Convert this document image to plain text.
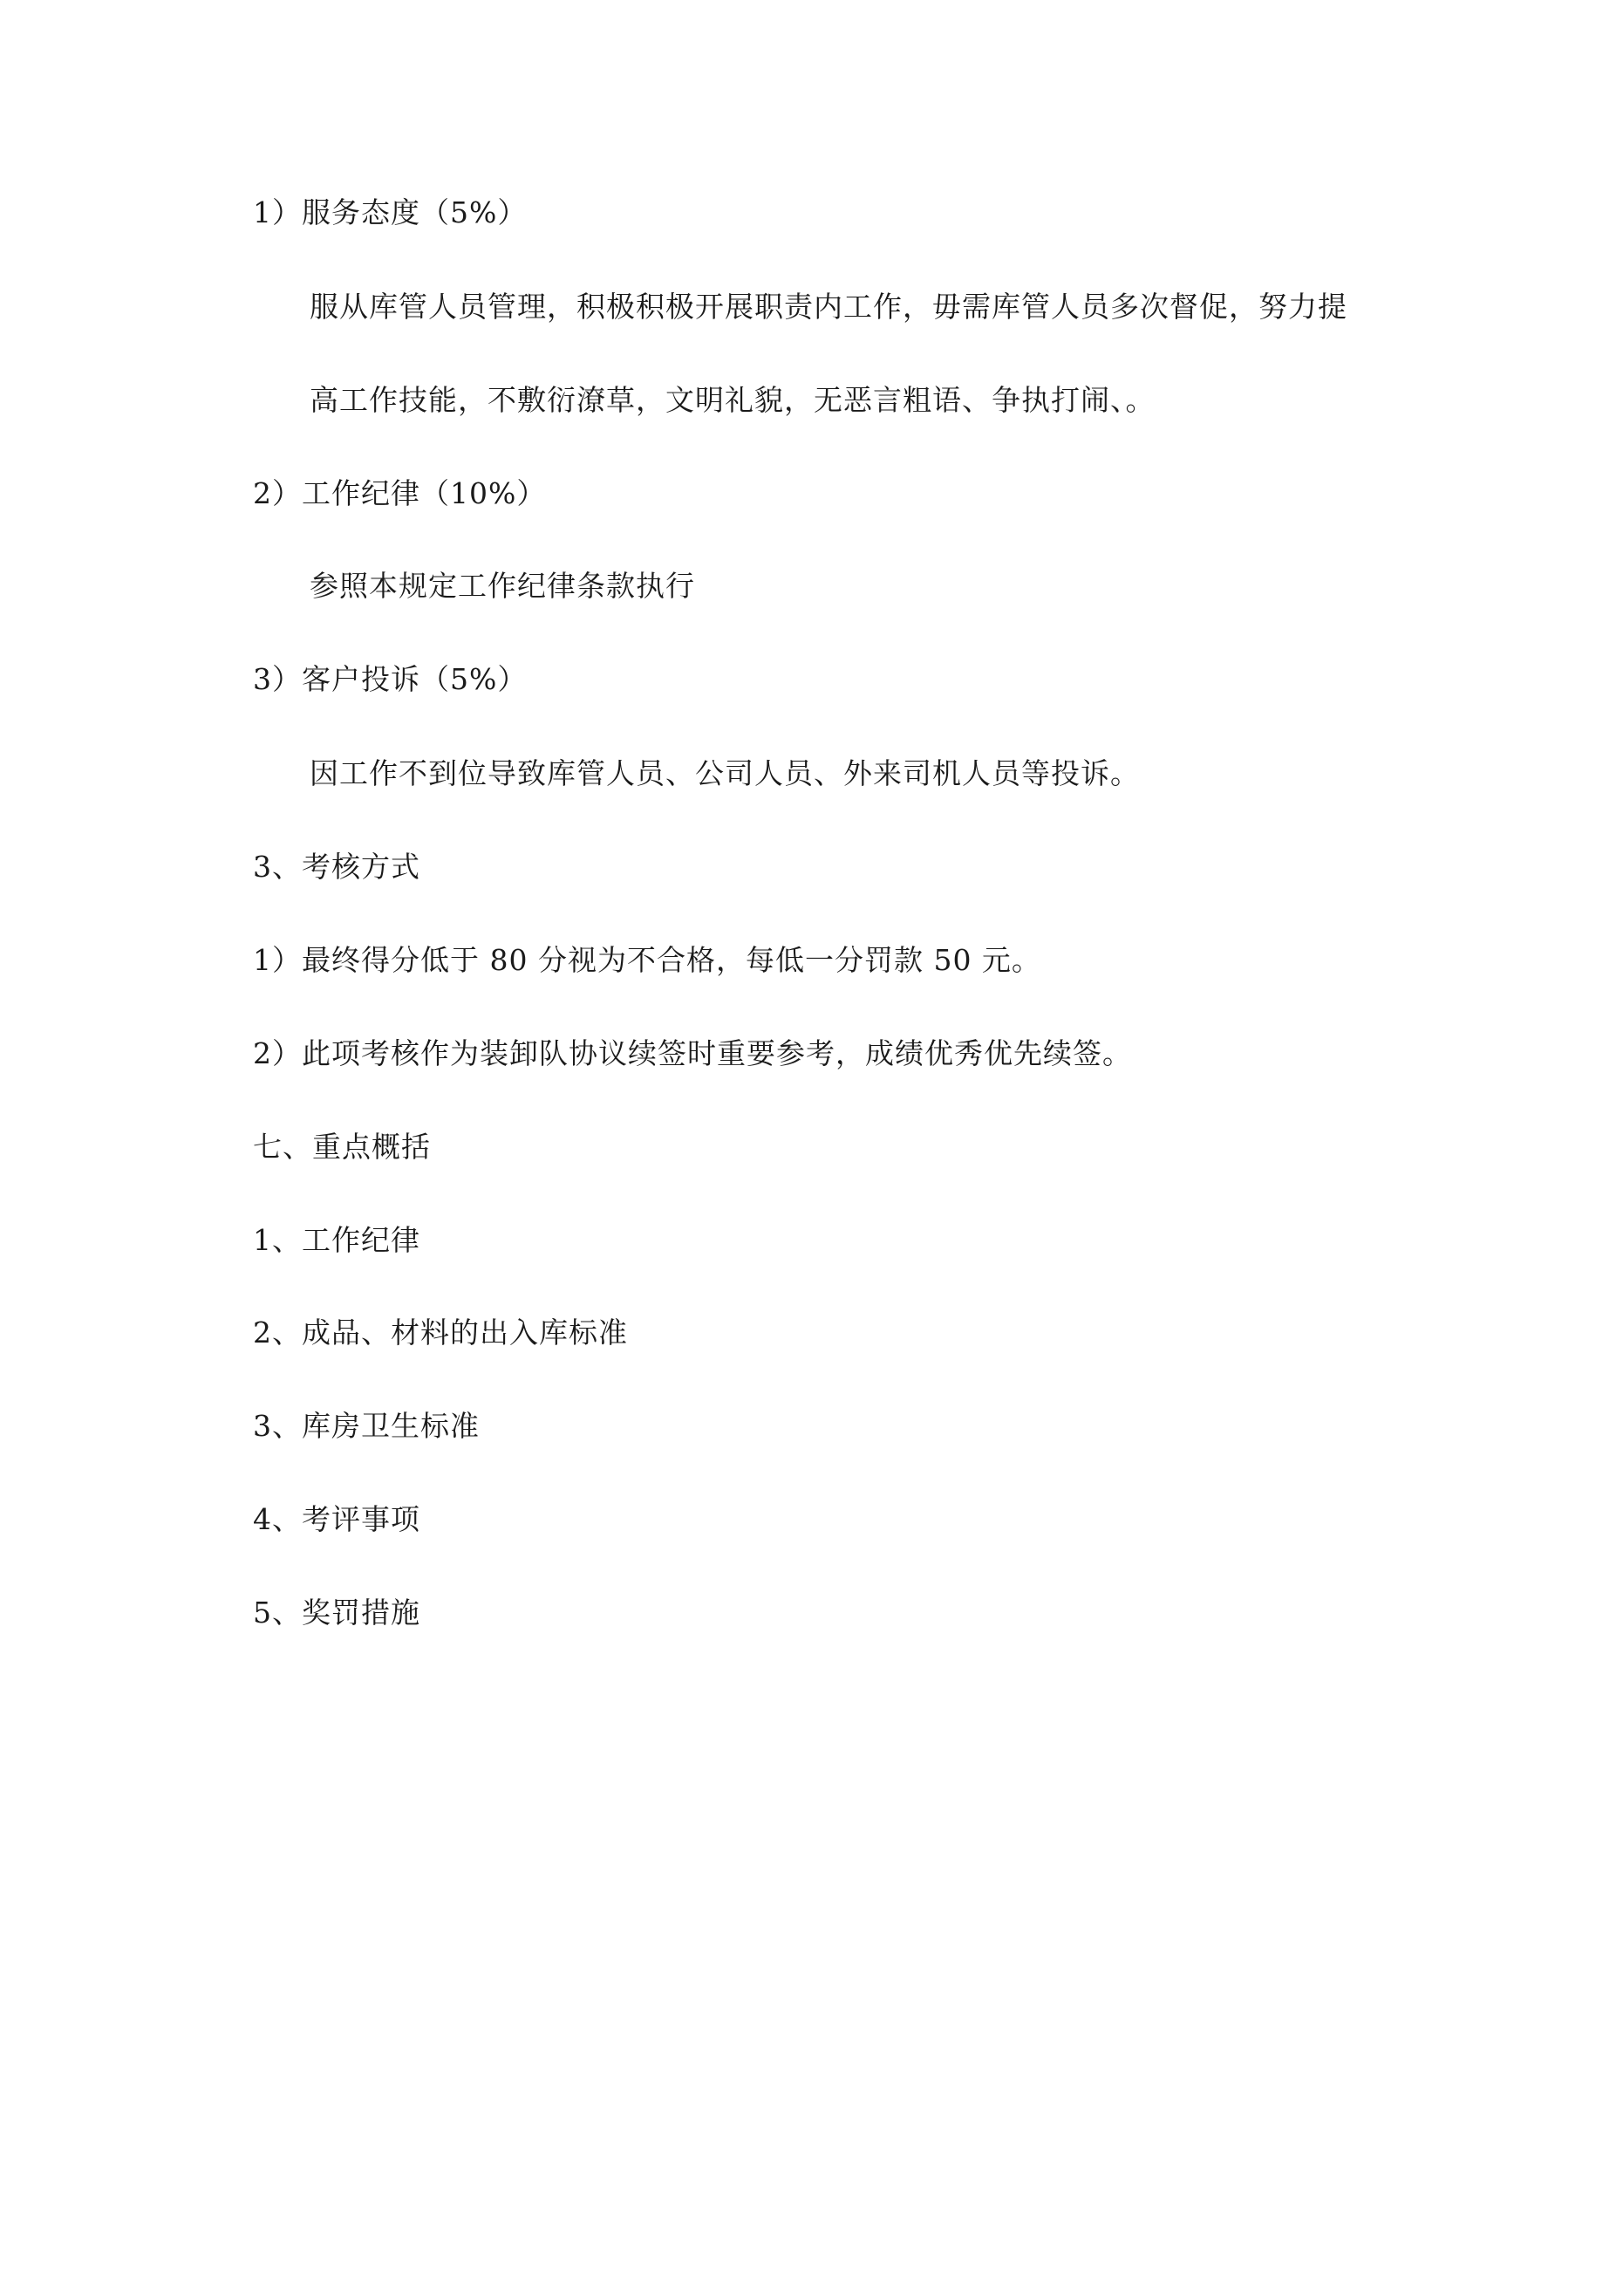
1）服务态度（5%）
服从库管人员管理，积极积极开展职责内工作，毋需库管人员多次督促，努力提
高工作技能，不敷衍潦草，文明礼貌，无恶言粗语、争执打闹、。
2）工作纪律（10%）
参照本规定工作纪律条款执行
3）客户投诉（5%）
因工作不到位导致库管人员、公司人员、外来司机人员等投诉。
3、考核方式
1）最终得分低于 80 分视为不合格，每低一分罚款 50 元。
2）此项考核作为装卸队协议续签时重要参考，成绩优秀优先续签。
七、重点概括
1、工作纪律
2、成品、材料的出入库标准
3、库房卫生标准
4、考评事项
5、奖罚措施
